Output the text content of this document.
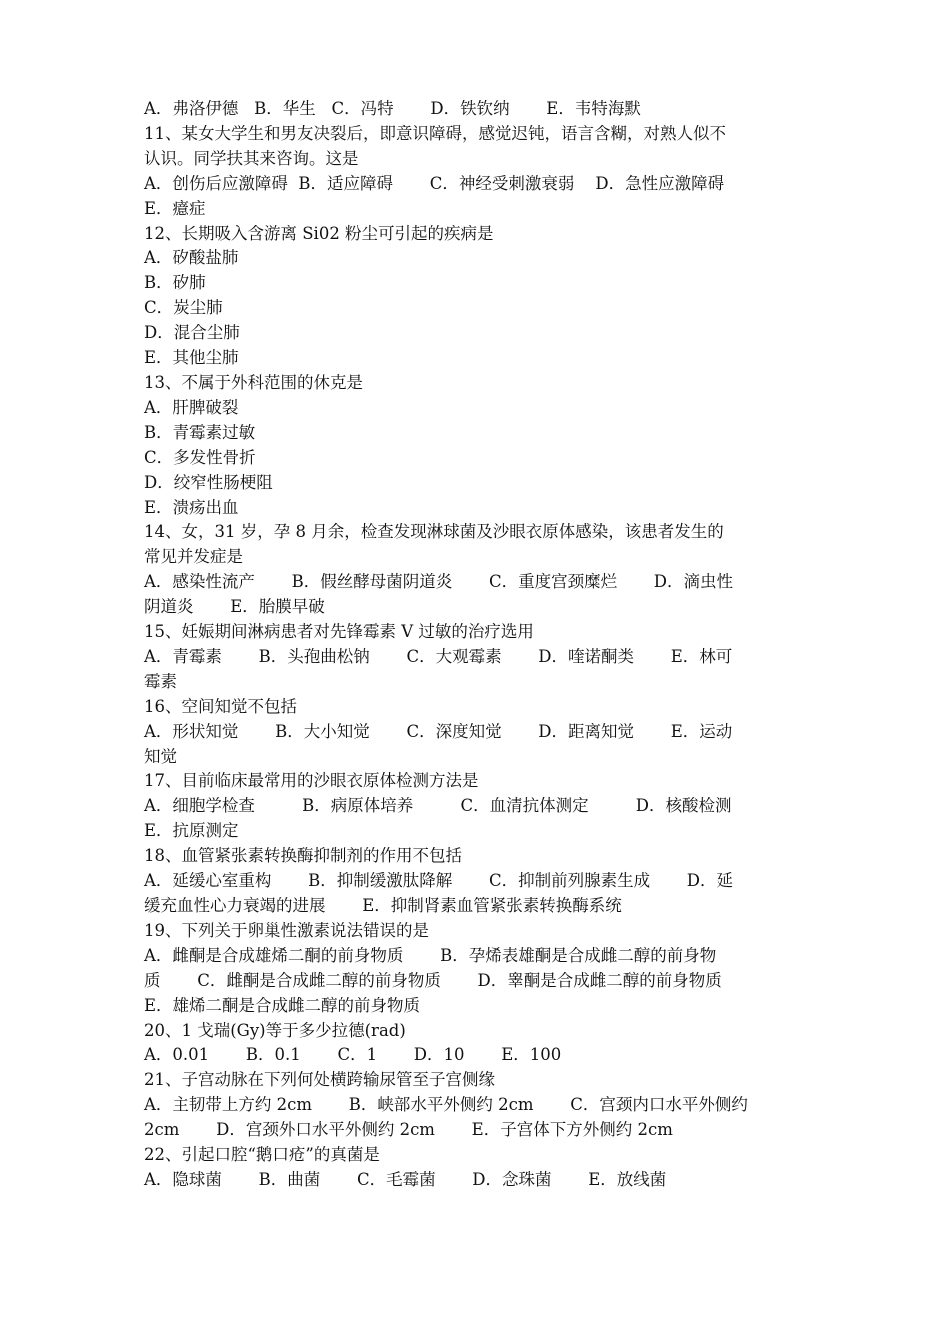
A．弗洛伊德   B．华生   C．冯特       D．铁钦纳       E．韦特海默
11、某女大学生和男友决裂后，即意识障碍，感觉迟钝，语言含糊，对熟人似不
认识。同学扶其来咨询。这是
A．创伤后应激障碍  B．适应障碍       C．神经受刺激衰弱    D．急性应激障碍
E．癔症
12、长期吸入含游离 Si02 粉尘可引起的疾病是
A．矽酸盐肺
B．矽肺
C．炭尘肺
D．混合尘肺
E．其他尘肺
13、不属于外科范围的休克是
A．肝脾破裂
B．青霉素过敏
C．多发性骨折
D．绞窄性肠梗阻
E．溃疡出血
14、女，31 岁，孕 8 月余，检查发现淋球菌及沙眼衣原体感染，该患者发生的
常见并发症是
A．感染性流产       B．假丝酵母菌阴道炎       C．重度宫颈糜烂       D．滴虫性
阴道炎       E．胎膜早破
15、妊娠期间淋病患者对先锋霉素 V 过敏的治疗选用
A．青霉素       B．头孢曲松钠       C．大观霉素       D．喹诺酮类       E．林可
霉素
16、空间知觉不包括
A．形状知觉       B．大小知觉       C．深度知觉       D．距离知觉       E．运动
知觉
17、目前临床最常用的沙眼衣原体检测方法是
A．细胞学检查         B．病原体培养         C．血清抗体测定         D．核酸检测
E．抗原测定
18、血管紧张素转换酶抑制剂的作用不包括
A．延缓心室重构       B．抑制缓激肽降解       C．抑制前列腺素生成       D．延
缓充血性心力衰竭的进展       E．抑制肾素血管紧张素转换酶系统
19、下列关于卵巢性激素说法错误的是
A．雌酮是合成雄烯二酮的前身物质       B．孕烯表雄酮是合成雌二醇的前身物
质       C．雌酮是合成雌二醇的前身物质       D．睾酮是合成雌二醇的前身物质
E．雄烯二酮是合成雌二醇的前身物质
20、1 戈瑞(Gy)等于多少拉德(rad)
A．0.01       B．0.1       C．1       D．10       E．100
21、子宫动脉在下列何处横跨输尿管至子宫侧缘
A．主韧带上方约 2cm       B．峡部水平外侧约 2cm       C．宫颈内口水平外侧约
2cm       D．宫颈外口水平外侧约 2cm       E．子宫体下方外侧约 2cm
22、引起口腔“鹅口疮”的真菌是
A．隐球菌       B．曲菌       C．毛霉菌       D．念珠菌       E．放线菌
